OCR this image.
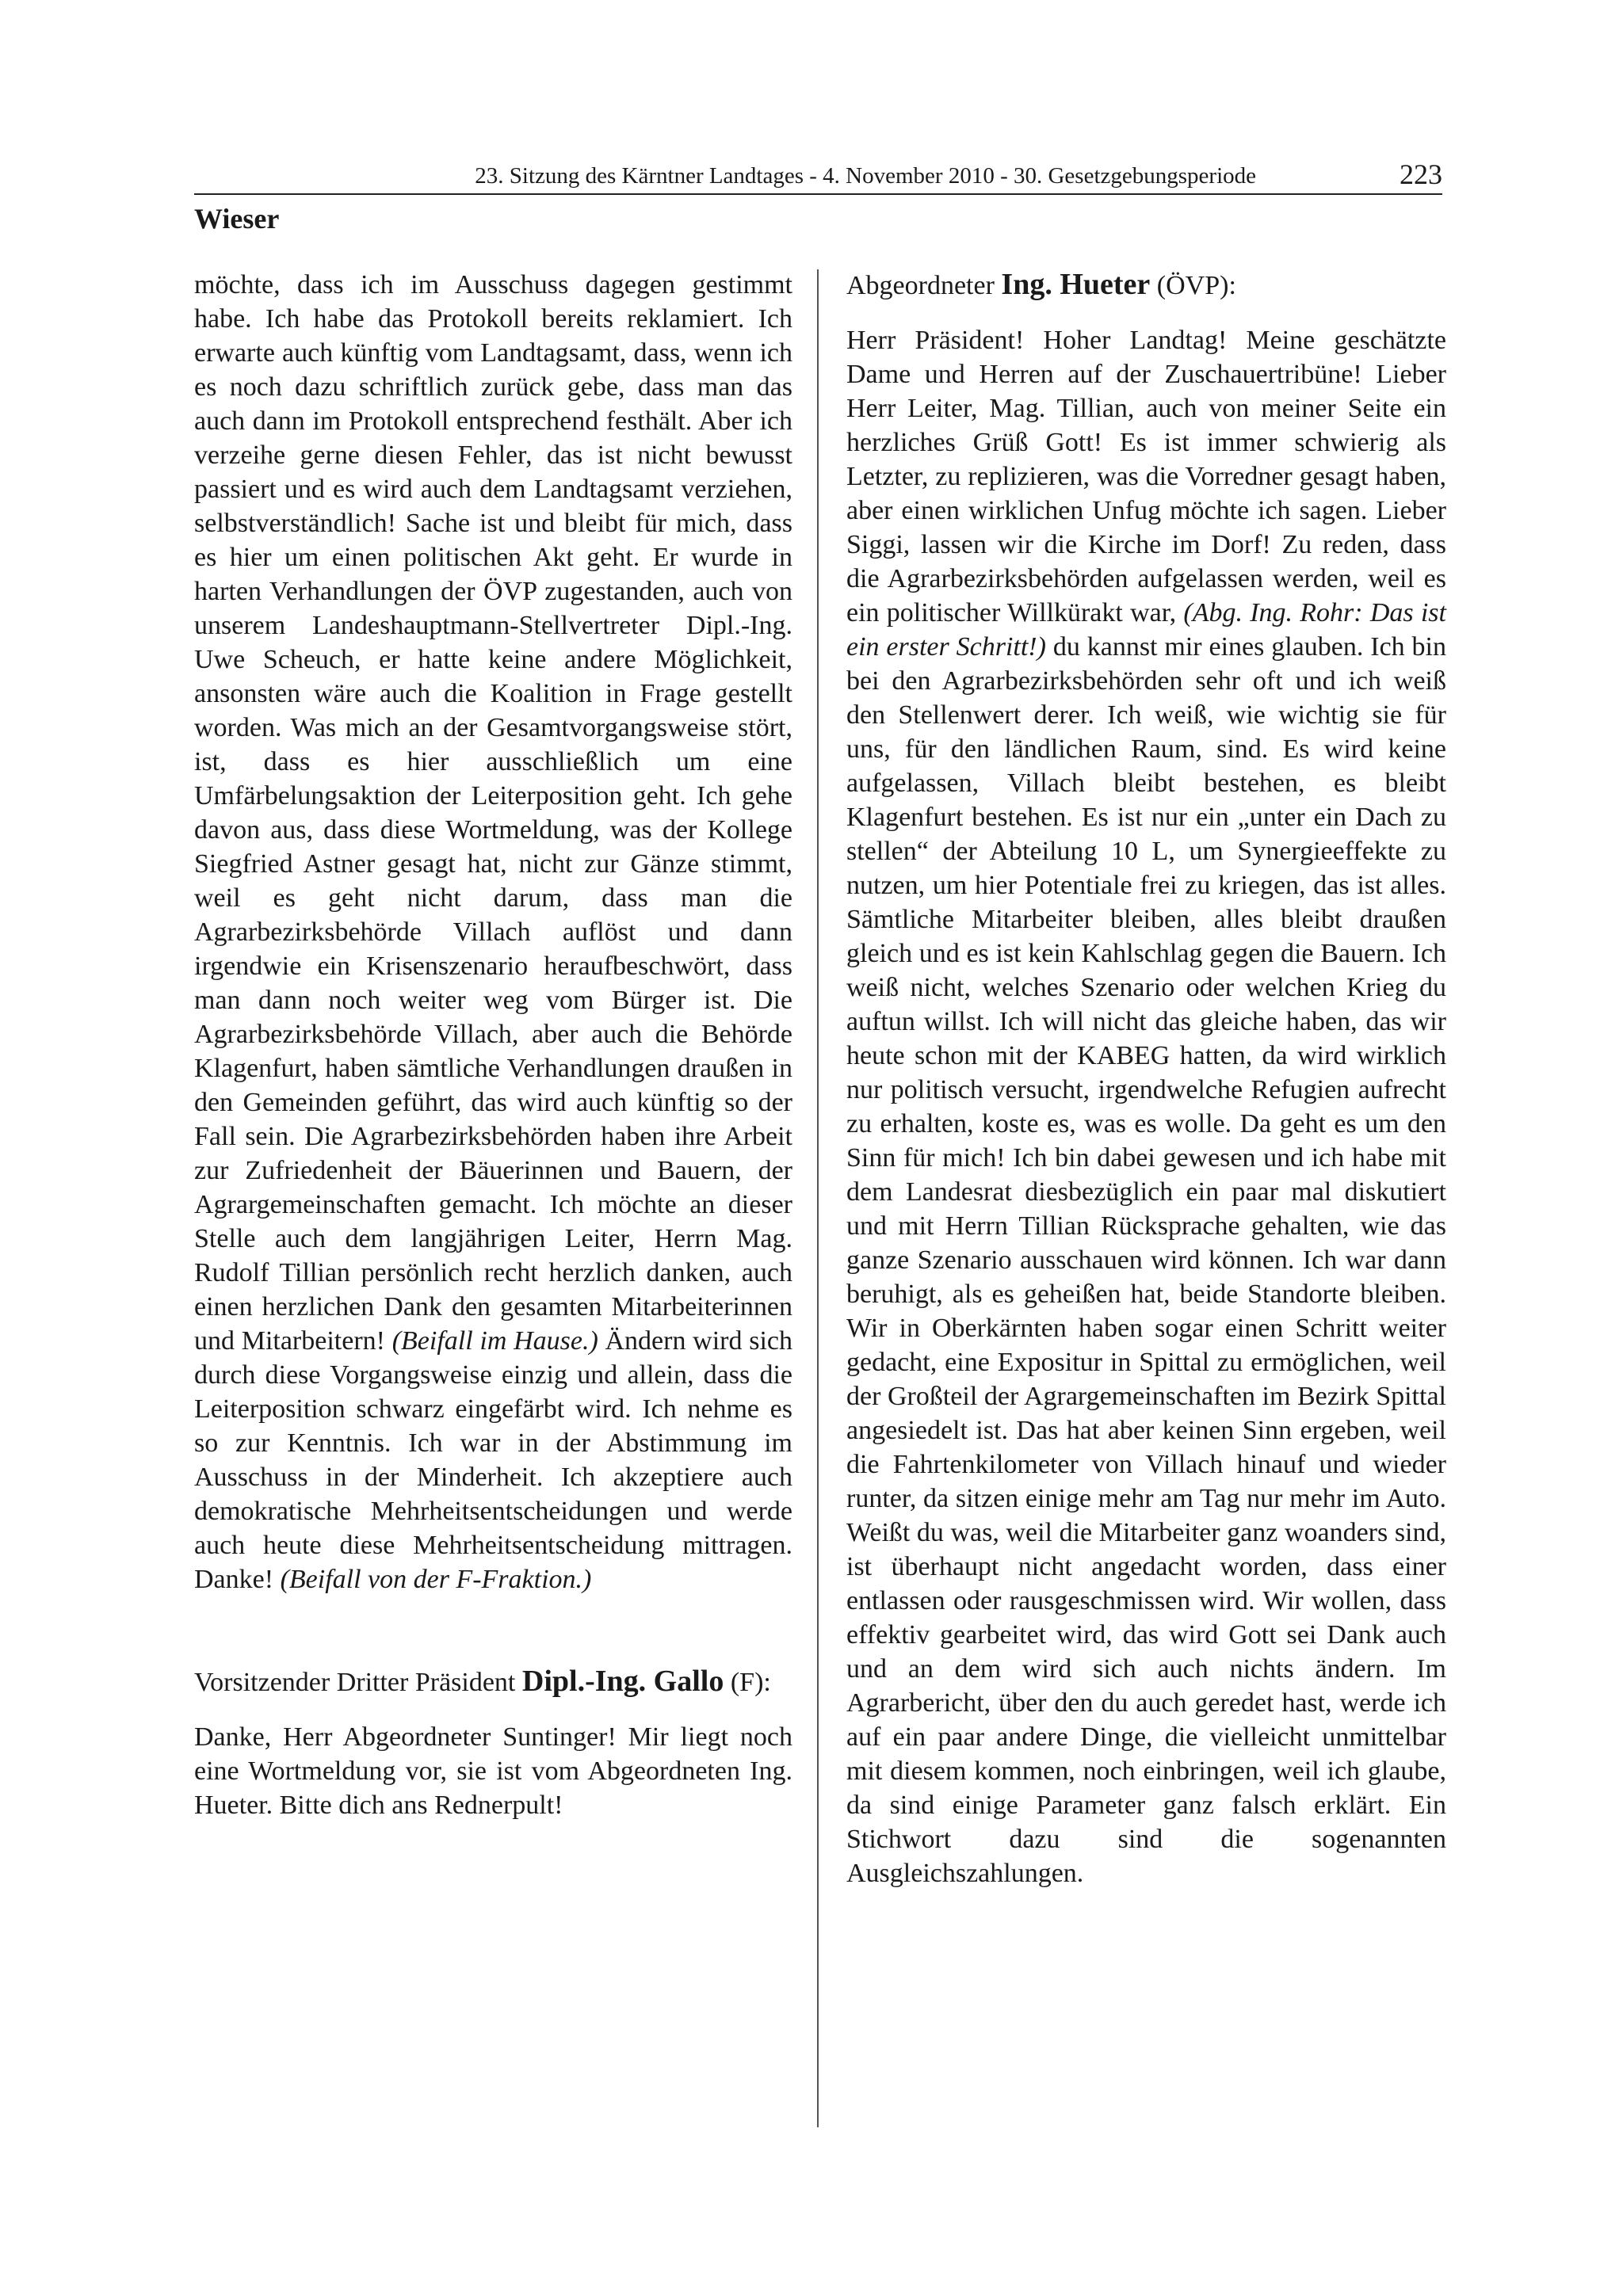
23. Sitzung des Kärntner Landtages - 4. November 2010 - 30. Gesetzgebungsperiode	223
Wieser

möchte, dass ich im Ausschuss dagegen gestimmt habe. Ich habe das Protokoll bereits reklamiert. Ich erwarte auch künftig vom Landtagsamt, dass, wenn ich es noch dazu schriftlich zurück gebe, dass man das auch dann im Protokoll entsprechend festhält. Aber ich verzeihe gerne diesen Fehler, das ist nicht bewusst passiert und es wird auch dem Landtagsamt verziehen, selbstverständlich! Sache ist und bleibt für mich, dass es hier um einen politischen Akt geht. Er wurde in harten Verhandlungen der ÖVP zugestanden, auch von unserem Landeshauptmann-Stellvertreter Dipl.-Ing. Uwe Scheuch, er hatte keine andere Möglichkeit, ansonsten wäre auch die Koalition in Frage gestellt worden. Was mich an der Gesamtvorgangsweise stört, ist, dass es hier ausschließlich um eine Umfärbelungsaktion der Leiterposition geht. Ich gehe davon aus, dass diese Wortmeldung, was der Kollege Siegfried Astner gesagt hat, nicht zur Gänze stimmt, weil es geht nicht darum, dass man die Agrarbezirksbehörde Villach auflöst und dann irgendwie ein Krisenszenario heraufbeschwört, dass man dann noch weiter weg vom Bürger ist. Die Agrarbezirksbehörde Villach, aber auch die Behörde Klagenfurt, haben sämtliche Verhandlungen draußen in den Gemeinden geführt, das wird auch künftig so der Fall sein. Die Agrarbezirksbehörden haben ihre Arbeit zur Zufriedenheit der Bäuerinnen und Bauern, der Agrargemeinschaften gemacht. Ich möchte an dieser Stelle auch dem langjährigen Leiter, Herrn Mag. Rudolf Tillian persönlich recht herzlich danken, auch einen herzlichen Dank den gesamten Mitarbeiterinnen und Mitarbeitern! (Beifall im Hause.) Ändern wird sich durch diese Vorgangsweise einzig und allein, dass die Leiterposition schwarz eingefärbt wird. Ich nehme es so zur Kenntnis. Ich war in der Abstimmung im Ausschuss in der Minderheit. Ich akzeptiere auch demokratische Mehrheitsentscheidungen und werde auch heute diese Mehrheitsentscheidung mittragen. Danke! (Beifall von der F-Fraktion.)

Vorsitzender Dritter Präsident Dipl.-Ing. Gallo (F):

Danke, Herr Abgeordneter Suntinger! Mir liegt noch eine Wortmeldung vor, sie ist vom Abgeordneten Ing. Hueter. Bitte dich ans Rednerpult!

Abgeordneter Ing. Hueter (ÖVP):

Herr Präsident! Hoher Landtag! Meine geschätzte Dame und Herren auf der Zuschauertribüne! Lieber Herr Leiter, Mag. Tillian, auch von meiner Seite ein herzliches Grüß Gott! Es ist immer schwierig als Letzter, zu replizieren, was die Vorredner gesagt haben, aber einen wirklichen Unfug möchte ich sagen. Lieber Siggi, lassen wir die Kirche im Dorf! Zu reden, dass die Agrarbezirksbehörden aufgelassen werden, weil es ein politischer Willkürakt war, (Abg. Ing. Rohr: Das ist ein erster Schritt!) du kannst mir eines glauben. Ich bin bei den Agrarbezirksbehörden sehr oft und ich weiß den Stellenwert derer. Ich weiß, wie wichtig sie für uns, für den ländlichen Raum, sind. Es wird keine aufgelassen, Villach bleibt bestehen, es bleibt Klagenfurt bestehen. Es ist nur ein „unter ein Dach zu stellen“ der Abteilung 10 L, um Synergieeffekte zu nutzen, um hier Potentiale frei zu kriegen, das ist alles. Sämtliche Mitarbeiter bleiben, alles bleibt draußen gleich und es ist kein Kahlschlag gegen die Bauern. Ich weiß nicht, welches Szenario oder welchen Krieg du auftun willst. Ich will nicht das gleiche haben, das wir heute schon mit der KABEG hatten, da wird wirklich nur politisch versucht, irgendwelche Refugien aufrecht zu erhalten, koste es, was es wolle. Da geht es um den Sinn für mich! Ich bin dabei gewesen und ich habe mit dem Landesrat diesbezüglich ein paar mal diskutiert und mit Herrn Tillian Rücksprache gehalten, wie das ganze Szenario ausschauen wird können. Ich war dann beruhigt, als es geheißen hat, beide Standorte bleiben. Wir in Oberkärnten haben sogar einen Schritt weiter gedacht, eine Expositur in Spittal zu ermöglichen, weil der Großteil der Agrargemeinschaften im Bezirk Spittal angesiedelt ist. Das hat aber keinen Sinn ergeben, weil die Fahrtenkilometer von Villach hinauf und wieder runter, da sitzen einige mehr am Tag nur mehr im Auto. Weißt du was, weil die Mitarbeiter ganz woanders sind, ist überhaupt nicht angedacht worden, dass einer entlassen oder rausgeschmissen wird. Wir wollen, dass effektiv gearbeitet wird, das wird Gott sei Dank auch und an dem wird sich auch nichts ändern. Im Agrarbericht, über den du auch geredet hast, werde ich auf ein paar andere Dinge, die vielleicht unmittelbar mit diesem kommen, noch einbringen, weil ich glaube, da sind einige Parameter ganz falsch erklärt. Ein Stichwort dazu sind die sogenannten Ausgleichszahlungen.
